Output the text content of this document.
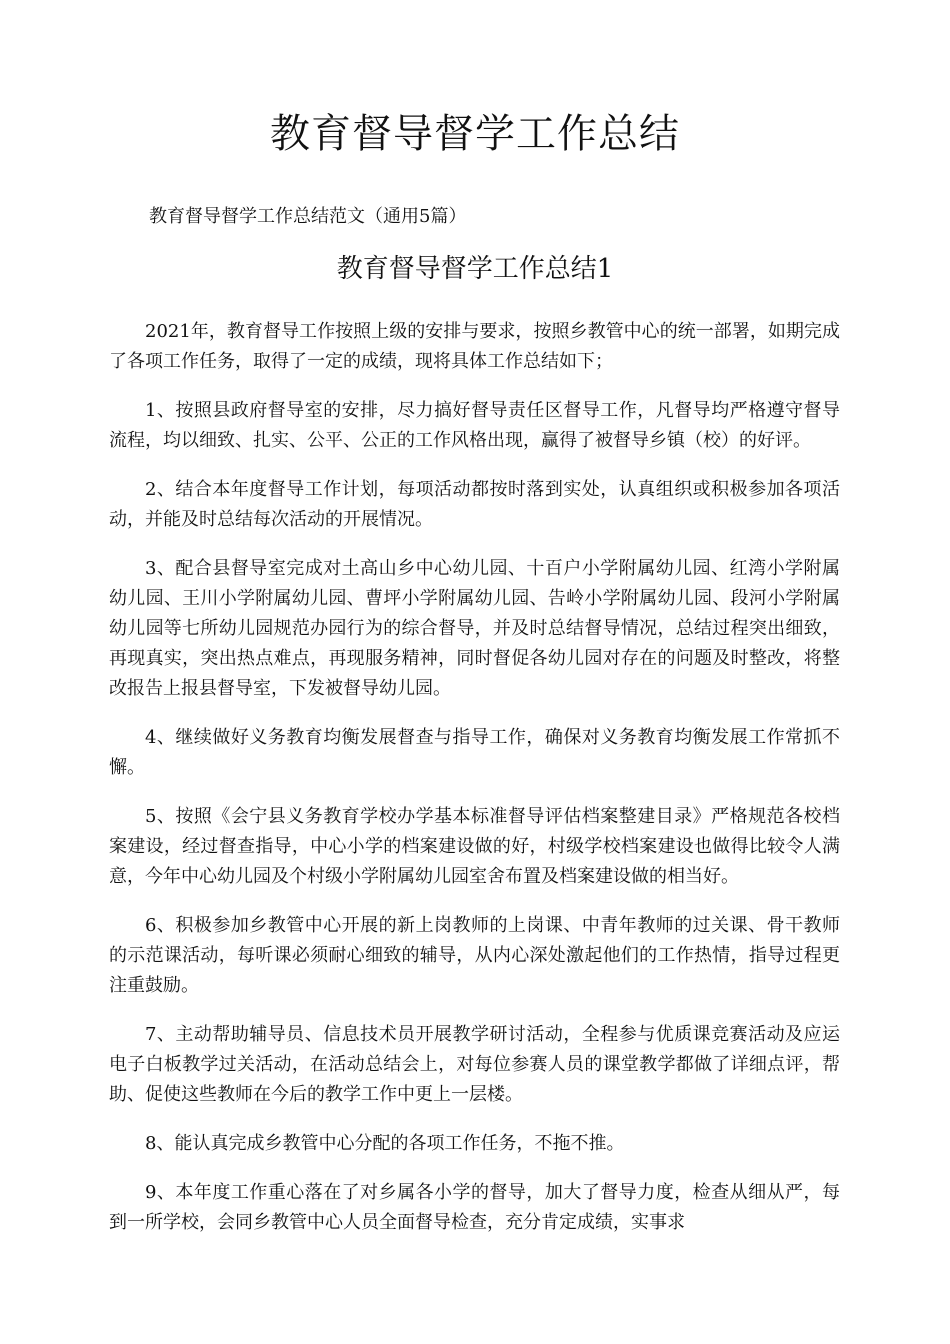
教育督导督学工作总结

教育督导督学工作总结范文（通用5篇）

教育督导督学工作总结1

2021年，教育督导工作按照上级的安排与要求，按照乡教管中心的统一部署，如期完成了各项工作任务，取得了一定的成绩，现将具体工作总结如下；

1、按照县政府督导室的安排，尽力搞好督导责任区督导工作，凡督导均严格遵守督导流程，均以细致、扎实、公平、公正的工作风格出现，赢得了被督导乡镇（校）的好评。

2、结合本年度督导工作计划，每项活动都按时落到实处，认真组织或积极参加各项活动，并能及时总结每次活动的开展情况。

3、配合县督导室完成对土高山乡中心幼儿园、十百户小学附属幼儿园、红湾小学附属幼儿园、王川小学附属幼儿园、曹坪小学附属幼儿园、告岭小学附属幼儿园、段河小学附属幼儿园等七所幼儿园规范办园行为的综合督导，并及时总结督导情况，总结过程突出细致，再现真实，突出热点难点，再现服务精神，同时督促各幼儿园对存在的问题及时整改，将整改报告上报县督导室，下发被督导幼儿园。

4、继续做好义务教育均衡发展督查与指导工作，确保对义务教育均衡发展工作常抓不懈。

5、按照《会宁县义务教育学校办学基本标准督导评估档案整建目录》严格规范各校档案建设，经过督查指导，中心小学的档案建设做的好，村级学校档案建设也做得比较令人满意，今年中心幼儿园及个村级小学附属幼儿园室舍布置及档案建设做的相当好。

6、积极参加乡教管中心开展的新上岗教师的上岗课、中青年教师的过关课、骨干教师的示范课活动，每听课必须耐心细致的辅导，从内心深处激起他们的工作热情，指导过程更注重鼓励。

7、主动帮助辅导员、信息技术员开展教学研讨活动，全程参与优质课竞赛活动及应运电子白板教学过关活动，在活动总结会上，对每位参赛人员的课堂教学都做了详细点评，帮助、促使这些教师在今后的教学工作中更上一层楼。

8、能认真完成乡教管中心分配的各项工作任务，不拖不推。

9、本年度工作重心落在了对乡属各小学的督导，加大了督导力度，检查从细从严，每到一所学校，会同乡教管中心人员全面督导检查，充分肯定成绩，实事求
